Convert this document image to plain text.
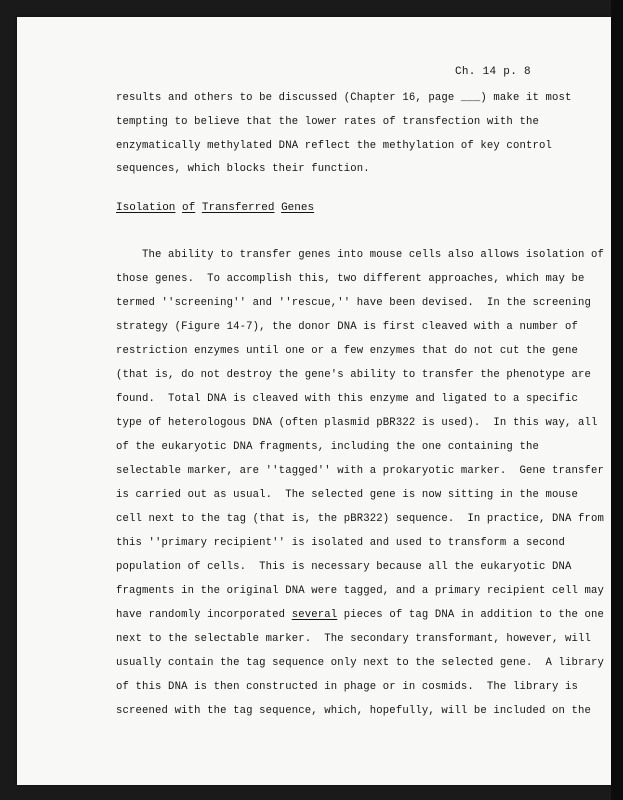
Ch. 14 p. 8
results and others to be discussed (Chapter 16, page ___) make it most
tempting to believe that the lower rates of transfection with the
enzymatically methylated DNA reflect the methylation of key control
sequences, which blocks their function.
Isolation of Transferred Genes
The ability to transfer genes into mouse cells also allows isolation of
those genes.  To accomplish this, two different approaches, which may be
termed ''screening'' and ''rescue,'' have been devised.  In the screening
strategy (Figure 14-7), the donor DNA is first cleaved with a number of
restriction enzymes until one or a few enzymes that do not cut the gene
(that is, do not destroy the gene's ability to transfer the phenotype are
found.  Total DNA is cleaved with this enzyme and ligated to a specific
type of heterologous DNA (often plasmid pBR322 is used).  In this way, all
of the eukaryotic DNA fragments, including the one containing the
selectable marker, are ''tagged'' with a prokaryotic marker.  Gene transfer
is carried out as usual.  The selected gene is now sitting in the mouse
cell next to the tag (that is, the pBR322) sequence.  In practice, DNA from
this ''primary recipient'' is isolated and used to transform a second
population of cells.  This is necessary because all the eukaryotic DNA
fragments in the original DNA were tagged, and a primary recipient cell may
have randomly incorporated several pieces of tag DNA in addition to the one
next to the selectable marker.  The secondary transformant, however, will
usually contain the tag sequence only next to the selected gene.  A library
of this DNA is then constructed in phage or in cosmids.  The library is
screened with the tag sequence, which, hopefully, will be included on the
